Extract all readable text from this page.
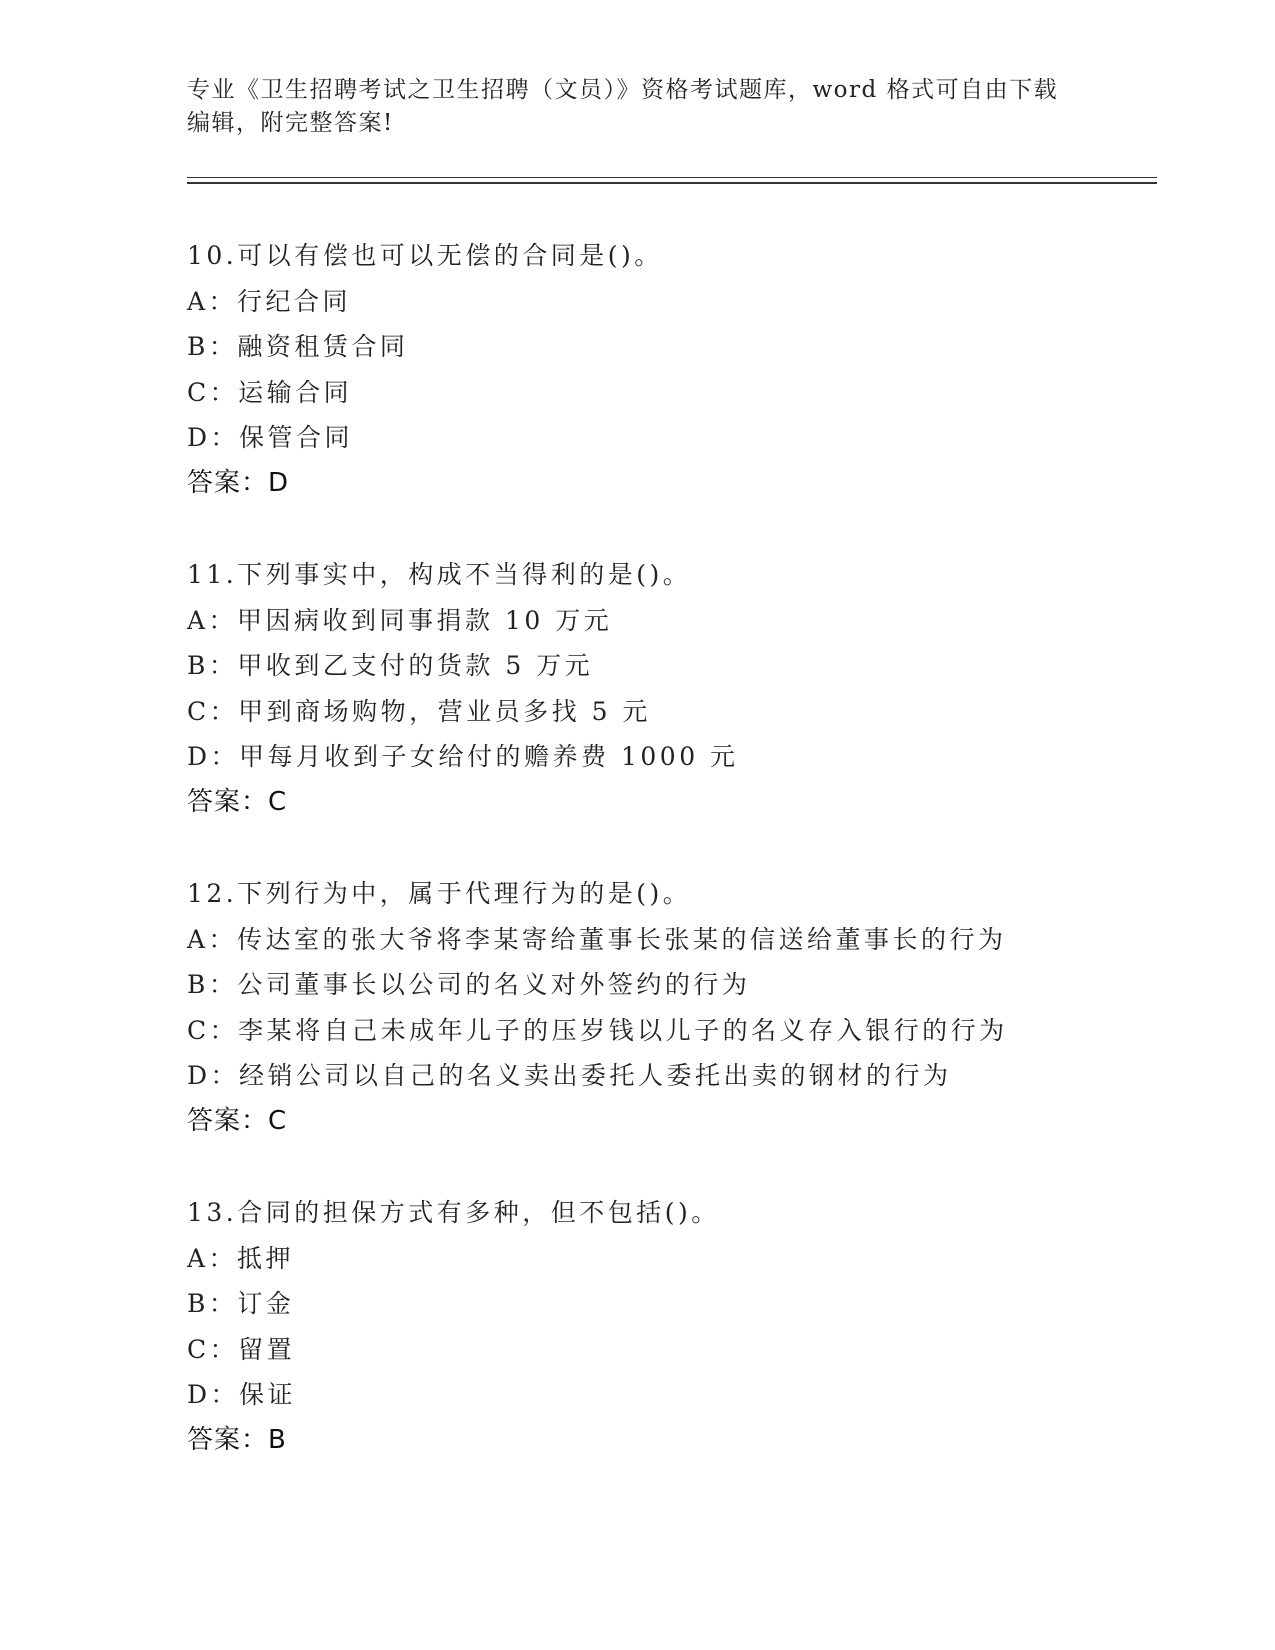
专业《卫生招聘考试之卫生招聘（文员）》资格考试题库，word 格式可自由下载
编辑，附完整答案!
10.可以有偿也可以无偿的合同是()。
A：行纪合同
B：融资租赁合同
C：运输合同
D：保管合同
答案：D
11.下列事实中，构成不当得利的是()。
A：甲因病收到同事捐款 10 万元
B：甲收到乙支付的货款 5 万元
C：甲到商场购物，营业员多找 5 元
D：甲每月收到子女给付的赡养费 1000 元
答案：C
12.下列行为中，属于代理行为的是()。
A：传达室的张大爷将李某寄给董事长张某的信送给董事长的行为
B：公司董事长以公司的名义对外签约的行为
C：李某将自己未成年儿子的压岁钱以儿子的名义存入银行的行为
D：经销公司以自己的名义卖出委托人委托出卖的钢材的行为
答案：C
13.合同的担保方式有多种，但不包括()。
A：抵押
B：订金
C：留置
D：保证
答案：B
